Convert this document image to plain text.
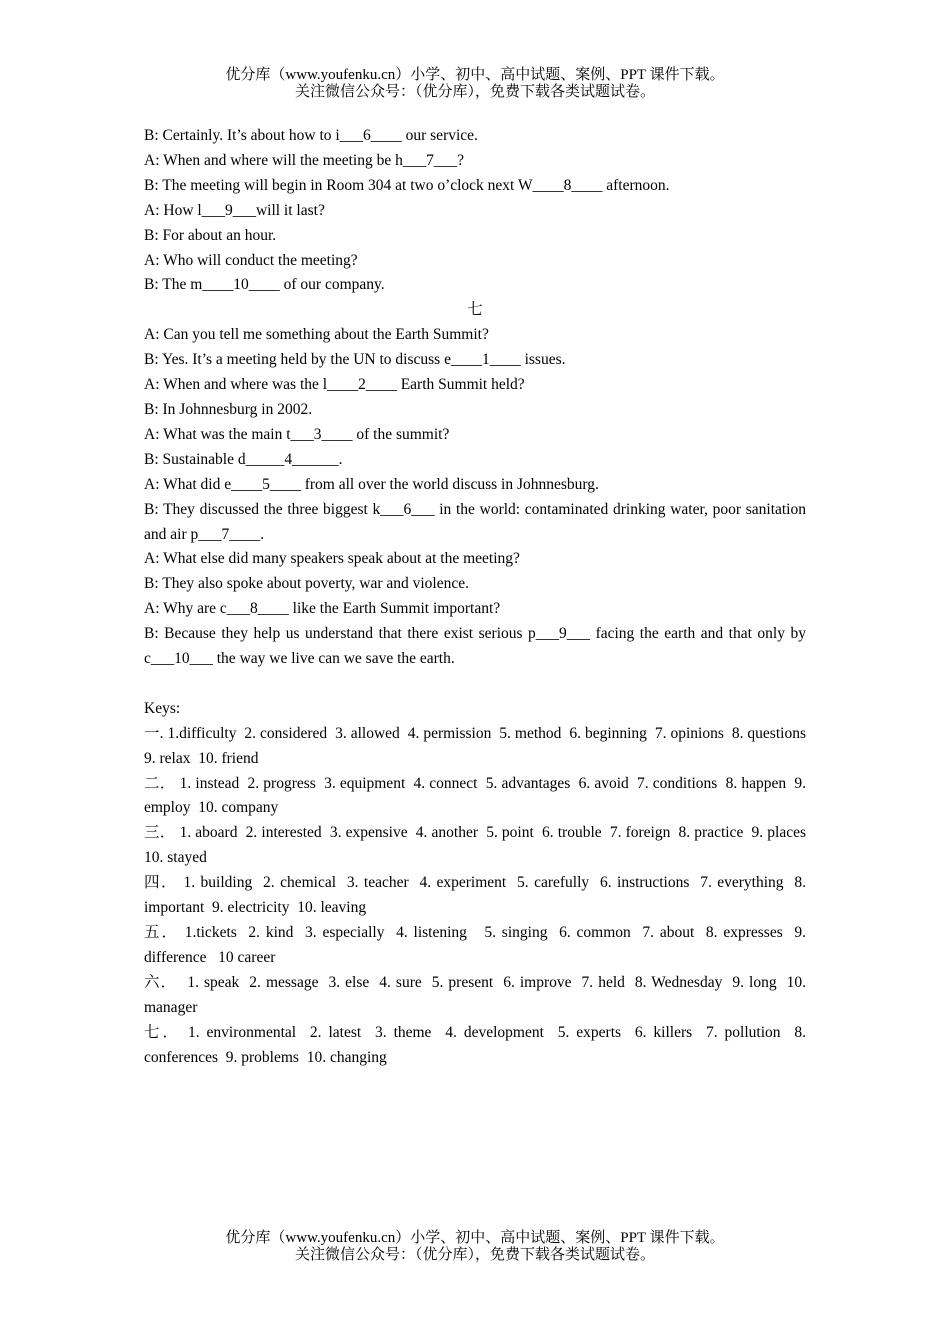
优分库（www.youfenku.cn）小学、初中、高中试题、案例、PPT 课件下载。
关注微信公众号：（优分库），免费下载各类试题试卷。
B: Certainly. It’s about how to i___6____ our service.
A: When and where will the meeting be h___7___?
B: The meeting will begin in Room 304 at two o’clock next W____8____ afternoon.
A: How l___9___will it last?
B: For about an hour.
A: Who will conduct the meeting?
B: The m____10____ of our company.
七
A: Can you tell me something about the Earth Summit?
B: Yes. It’s a meeting held by the UN to discuss e____1____ issues.
A: When and where was the l____2____ Earth Summit held?
B: In Johnnesburg in 2002.
A: What was the main t___3____ of the summit?
B: Sustainable d_____4______.
A: What did e____5____ from all over the world discuss in Johnnesburg.
B: They discussed the three biggest k___6___ in the world: contaminated drinking water, poor sanitation and air p___7____.
A: What else did many speakers speak about at the meeting?
B: They also spoke about poverty, war and violence.
A: Why are c___8____ like the Earth Summit important?
B: Because they help us understand that there exist serious p___9___ facing the earth and that only by c___10___ the way we live can we save the earth.
Keys:
一. 1.difficulty  2. considered  3. allowed  4. permission  5. method  6. beginning  7. opinions  8. questions  9. relax  10. friend
二． 1. instead  2. progress  3. equipment  4. connect  5. advantages  6. avoid  7. conditions  8. happen  9. employ  10. company
三． 1. aboard  2. interested  3. expensive  4. another  5. point  6. trouble  7. foreign  8. practice  9. places  10. stayed
四． 1. building  2. chemical  3. teacher  4. experiment  5. carefully  6. instructions  7. everything  8. important  9. electricity  10. leaving
五． 1.tickets  2. kind  3. especially  4. listening   5. singing  6. common  7. about  8. expresses  9. difference   10 career
六．  1. speak  2. message  3. else  4. sure  5. present  6. improve  7. held  8. Wednesday  9. long  10. manager
七． 1. environmental  2. latest  3. theme  4. development  5. experts  6. killers  7. pollution  8. conferences  9. problems  10. changing
优分库（www.youfenku.cn）小学、初中、高中试题、案例、PPT 课件下载。
关注微信公众号：（优分库），免费下载各类试题试卷。
